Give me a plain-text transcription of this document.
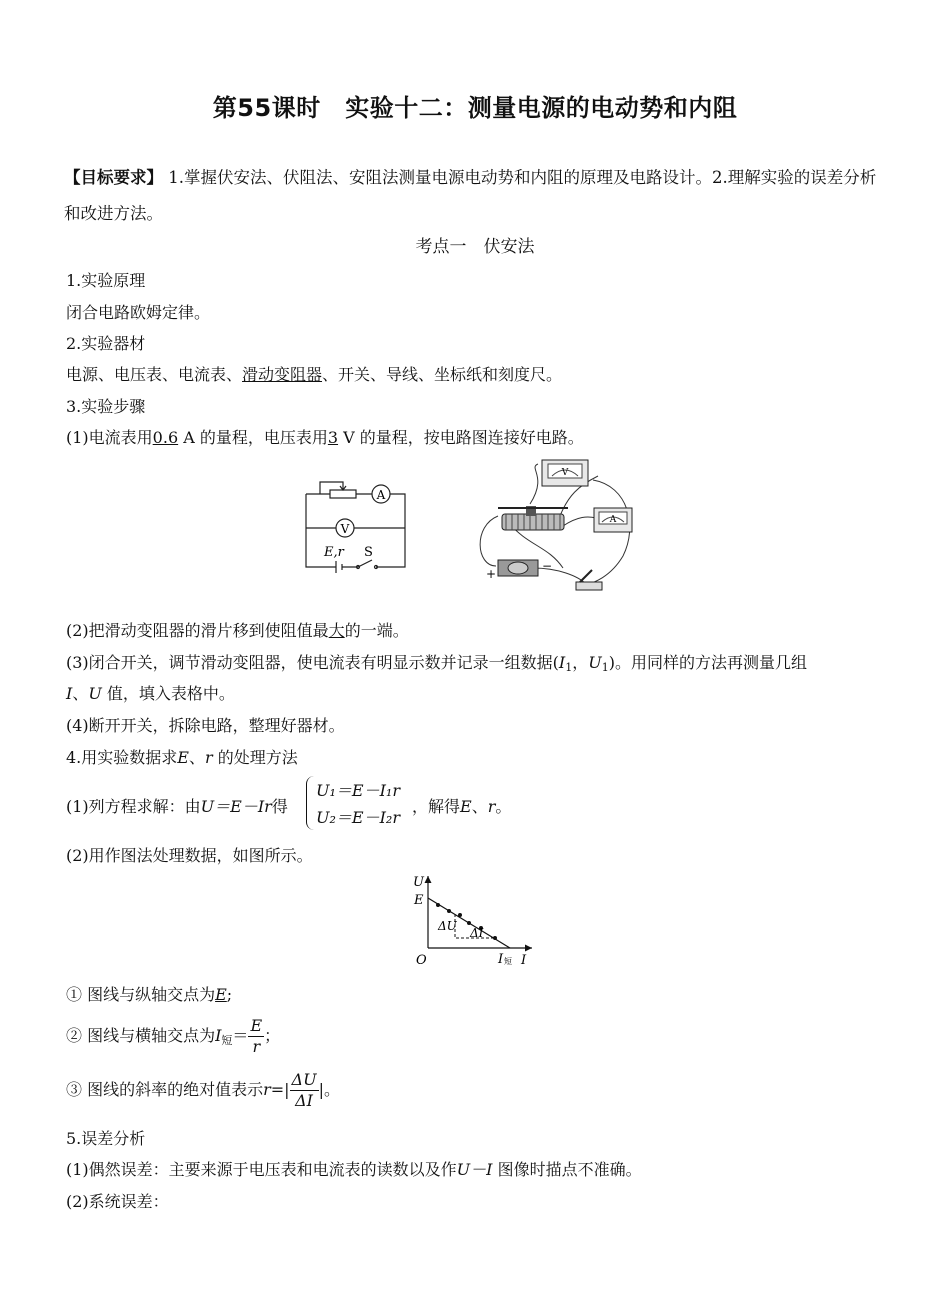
第55课时　实验十二：测量电源的电动势和内阻
【目标要求】 1.掌握伏安法、伏阻法、安阻法测量电源电动势和内阻的原理及电路设计。2.理解实验的误差分析和改进方法。
考点一　伏安法
1.实验原理
闭合电路欧姆定律。
2.实验器材
电源、电压表、电流表、滑动变阻器、开关、导线、坐标纸和刻度尺。
3.实验步骤
(1)电流表用0.6 A 的量程，电压表用3 V 的量程，按电路图连接好电路。
A
V
E,r S
V
A
+
−
(2)把滑动变阻器的滑片移到使阻值最大的一端。
(3)闭合开关，调节滑动变阻器，使电流表有明显示数并记录一组数据($I_1$，$U_1$)。用同样的方法再测量几组
I、U 值，填入表格中。
(4)断开开关，拆除电路，整理好器材。
4.用实验数据求E、r 的处理方法
(1)列方程求解：由U＝E－Ir得
U₁＝E－I₁r
U₂＝E－I₂r
，解得E、r。
(2)用作图法处理数据，如图所示。
U
E
O	I 短 I
ΔU ΔI
① 图线与纵轴交点为E;
② 图线与横轴交点为$I_短= \frac{E}{r}$ ；
③ 图线的斜率的绝对值表示$r=| \frac{\Delta U}{\Delta I}$ |。
5.误差分析
(1)偶然误差：主要来源于电压表和电流表的读数以及作U－I 图像时描点不准确。
(2)系统误差：
